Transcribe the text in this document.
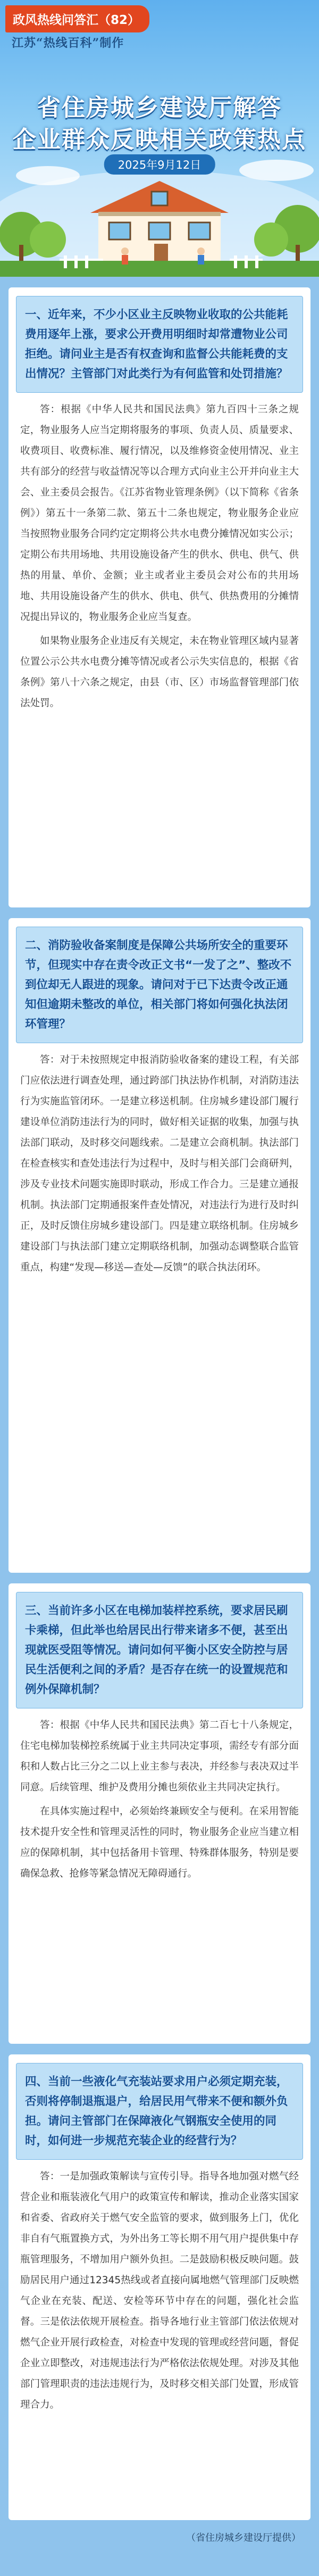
政风热线问答汇（82）
江苏“热线百科”制作
省住房城乡建设厅解答
企业群众反映相关政策热点
2025年9月12日
一、近年来，不少小区业主反映物业收取的公共能耗费用逐年上涨，要求公开费用明细时却常遭物业公司拒绝。请问业主是否有权查询和监督公共能耗费的支出情况？主管部门对此类行为有何监管和处罚措施？

答：根据《中华人民共和国民法典》第九百四十三条之规定，物业服务人应当定期将服务的事项、负责人员、质量要求、收费项目、收费标准、履行情况，以及维修资金使用情况、业主共有部分的经营与收益情况等以合理方式向业主公开并向业主大会、业主委员会报告。《江苏省物业管理条例》（以下简称《省条例》）第五十一条第二款、第五十二条也规定，物业服务企业应当按照物业服务合同约定定期将公共水电费分摊情况如实公示；定期公布共用场地、共用设施设备产生的供水、供电、供气、供热的用量、单价、金额；业主或者业主委员会对公布的共用场地、共用设施设备产生的供水、供电、供气、供热费用的分摊情况提出异议的，物业服务企业应当复查。

如果物业服务企业违反有关规定，未在物业管理区域内显著位置公示公共水电费分摊等情况或者公示失实信息的，根据《省条例》第八十六条之规定，由县（市、区）市场监督管理部门依法处罚。

二、消防验收备案制度是保障公共场所安全的重要环节，但现实中存在责令改正文书“一发了之”、整改不到位却无人跟进的现象。请问对于已下达责令改正通知但逾期未整改的单位，相关部门将如何强化执法闭环管理？

答：对于未按照规定申报消防验收备案的建设工程，有关部门应依法进行调查处理，通过跨部门执法协作机制，对消防违法行为实施监管闭环。一是建立移送机制。住房城乡建设部门履行建设单位消防违法行为的同时，做好相关证据的收集，加强与执法部门联动，及时移交问题线索。二是建立会商机制。执法部门在检查核实和查处违法行为过程中，及时与相关部门会商研判，涉及专业技术问题实施即时联动，形成工作合力。三是建立通报机制。执法部门定期通报案件查处情况，对违法行为进行及时纠正，及时反馈住房城乡建设部门。四是建立联络机制。住房城乡建设部门与执法部门建立定期联络机制，加强动态调整联合监管重点，构建“发现—移送—查处—反馈”的联合执法闭环。

三、当前许多小区在电梯加装样控系统，要求居民刷卡乘梯，但此举也给居民出行带来诸多不便，甚至出现就医受阻等情况。请问如何平衡小区安全防控与居民生活便利之间的矛盾？是否存在统一的设置规范和例外保障机制？

答：根据《中华人民共和国民法典》第二百七十八条规定，住宅电梯加装梯控系统属于业主共同决定事项，需经专有部分面积和人数占比三分之二以上业主参与表决，并经参与表决双过半同意。后续管理、维护及费用分摊也须依业主共同决定执行。

在具体实施过程中，必须始终兼顾安全与便利。在采用智能技术提升安全性和管理灵活性的同时，物业服务企业应当建立相应的保障机制，其中包括备用卡管理、特殊群体服务，特别是要确保急救、抢修等紧急情况无障碍通行。

四、当前一些液化气充装站要求用户必须定期充装，否则将停制退瓶退户，给居民用气带来不便和额外负担。请问主管部门在保障液化气钢瓶安全使用的同时，如何进一步规范充装企业的经营行为？

答：一是加强政策解读与宣传引导。指导各地加强对燃气经营企业和瓶装液化气用户的政策宣传和解读，推动企业落实国家和省委、省政府关于燃气安全监管的要求，做到服务上门，优化非自有气瓶置换方式，为外出务工等长期不用气用户提供集中存瓶管理服务，不增加用户额外负担。二是鼓励积极反映问题。鼓励居民用户通过12345热线或者直接向属地燃气管理部门反映燃气企业在充装、配送、安检等环节中存在的问题，强化社会监督。三是依法依规开展检查。指导各地行业主管部门依法依规对燃气企业开展行政检查，对检查中发现的管理或经营问题，督促企业立即整改，对违规违法行为严格依法依规处理。对涉及其他部门管理职责的违法违规行为，及时移交相关部门处置，形成管理合力。

（省住房城乡建设厅提供）
